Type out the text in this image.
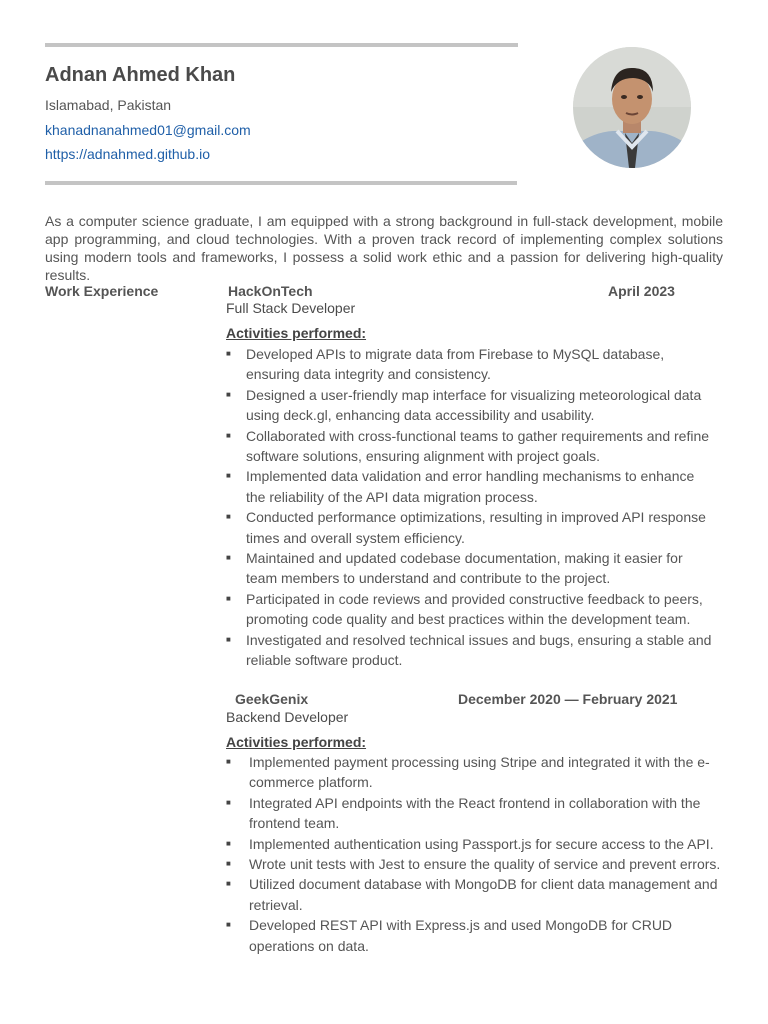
Adnan Ahmed Khan
Islamabad, Pakistan
khanadnanahmed01@gmail.com
https://adnahmed.github.io
As a computer science graduate, I am equipped with a strong background in full-stack development, mobile app programming, and cloud technologies. With a proven track record of implementing complex solutions using modern tools and frameworks, I possess a solid work ethic and a passion for delivering high-quality results.
Work Experience	HackOnTech	April 2023
Full Stack Developer
Activities performed:
■	Developed APIs to migrate data from Firebase to MySQL database, ensuring data integrity and consistency.
■	Designed a user-friendly map interface for visualizing meteorological data using deck.gl, enhancing data accessibility and usability.
■	Collaborated with cross-functional teams to gather requirements and refine software solutions, ensuring alignment with project goals.
■	Implemented data validation and error handling mechanisms to enhance the reliability of the API data migration process.
■	Conducted performance optimizations, resulting in improved API response times and overall system efficiency.
■	Maintained and updated codebase documentation, making it easier for team members to understand and contribute to the project.
■	Participated in code reviews and provided constructive feedback to peers, promoting code quality and best practices within the development team.
■	Investigated and resolved technical issues and bugs, ensuring a stable and reliable software product.
GeekGenix	December 2020 — February 2021
Backend Developer
Activities performed:
■	Implemented payment processing using Stripe and integrated it with the e-commerce platform.
■	Integrated API endpoints with the React frontend in collaboration with the frontend team.
■	Implemented authentication using Passport.js for secure access to the API.
■	Wrote unit tests with Jest to ensure the quality of service and prevent errors.
■	Utilized document database with MongoDB for client data management and retrieval.
■	Developed REST API with Express.js and used MongoDB for CRUD operations on data.
